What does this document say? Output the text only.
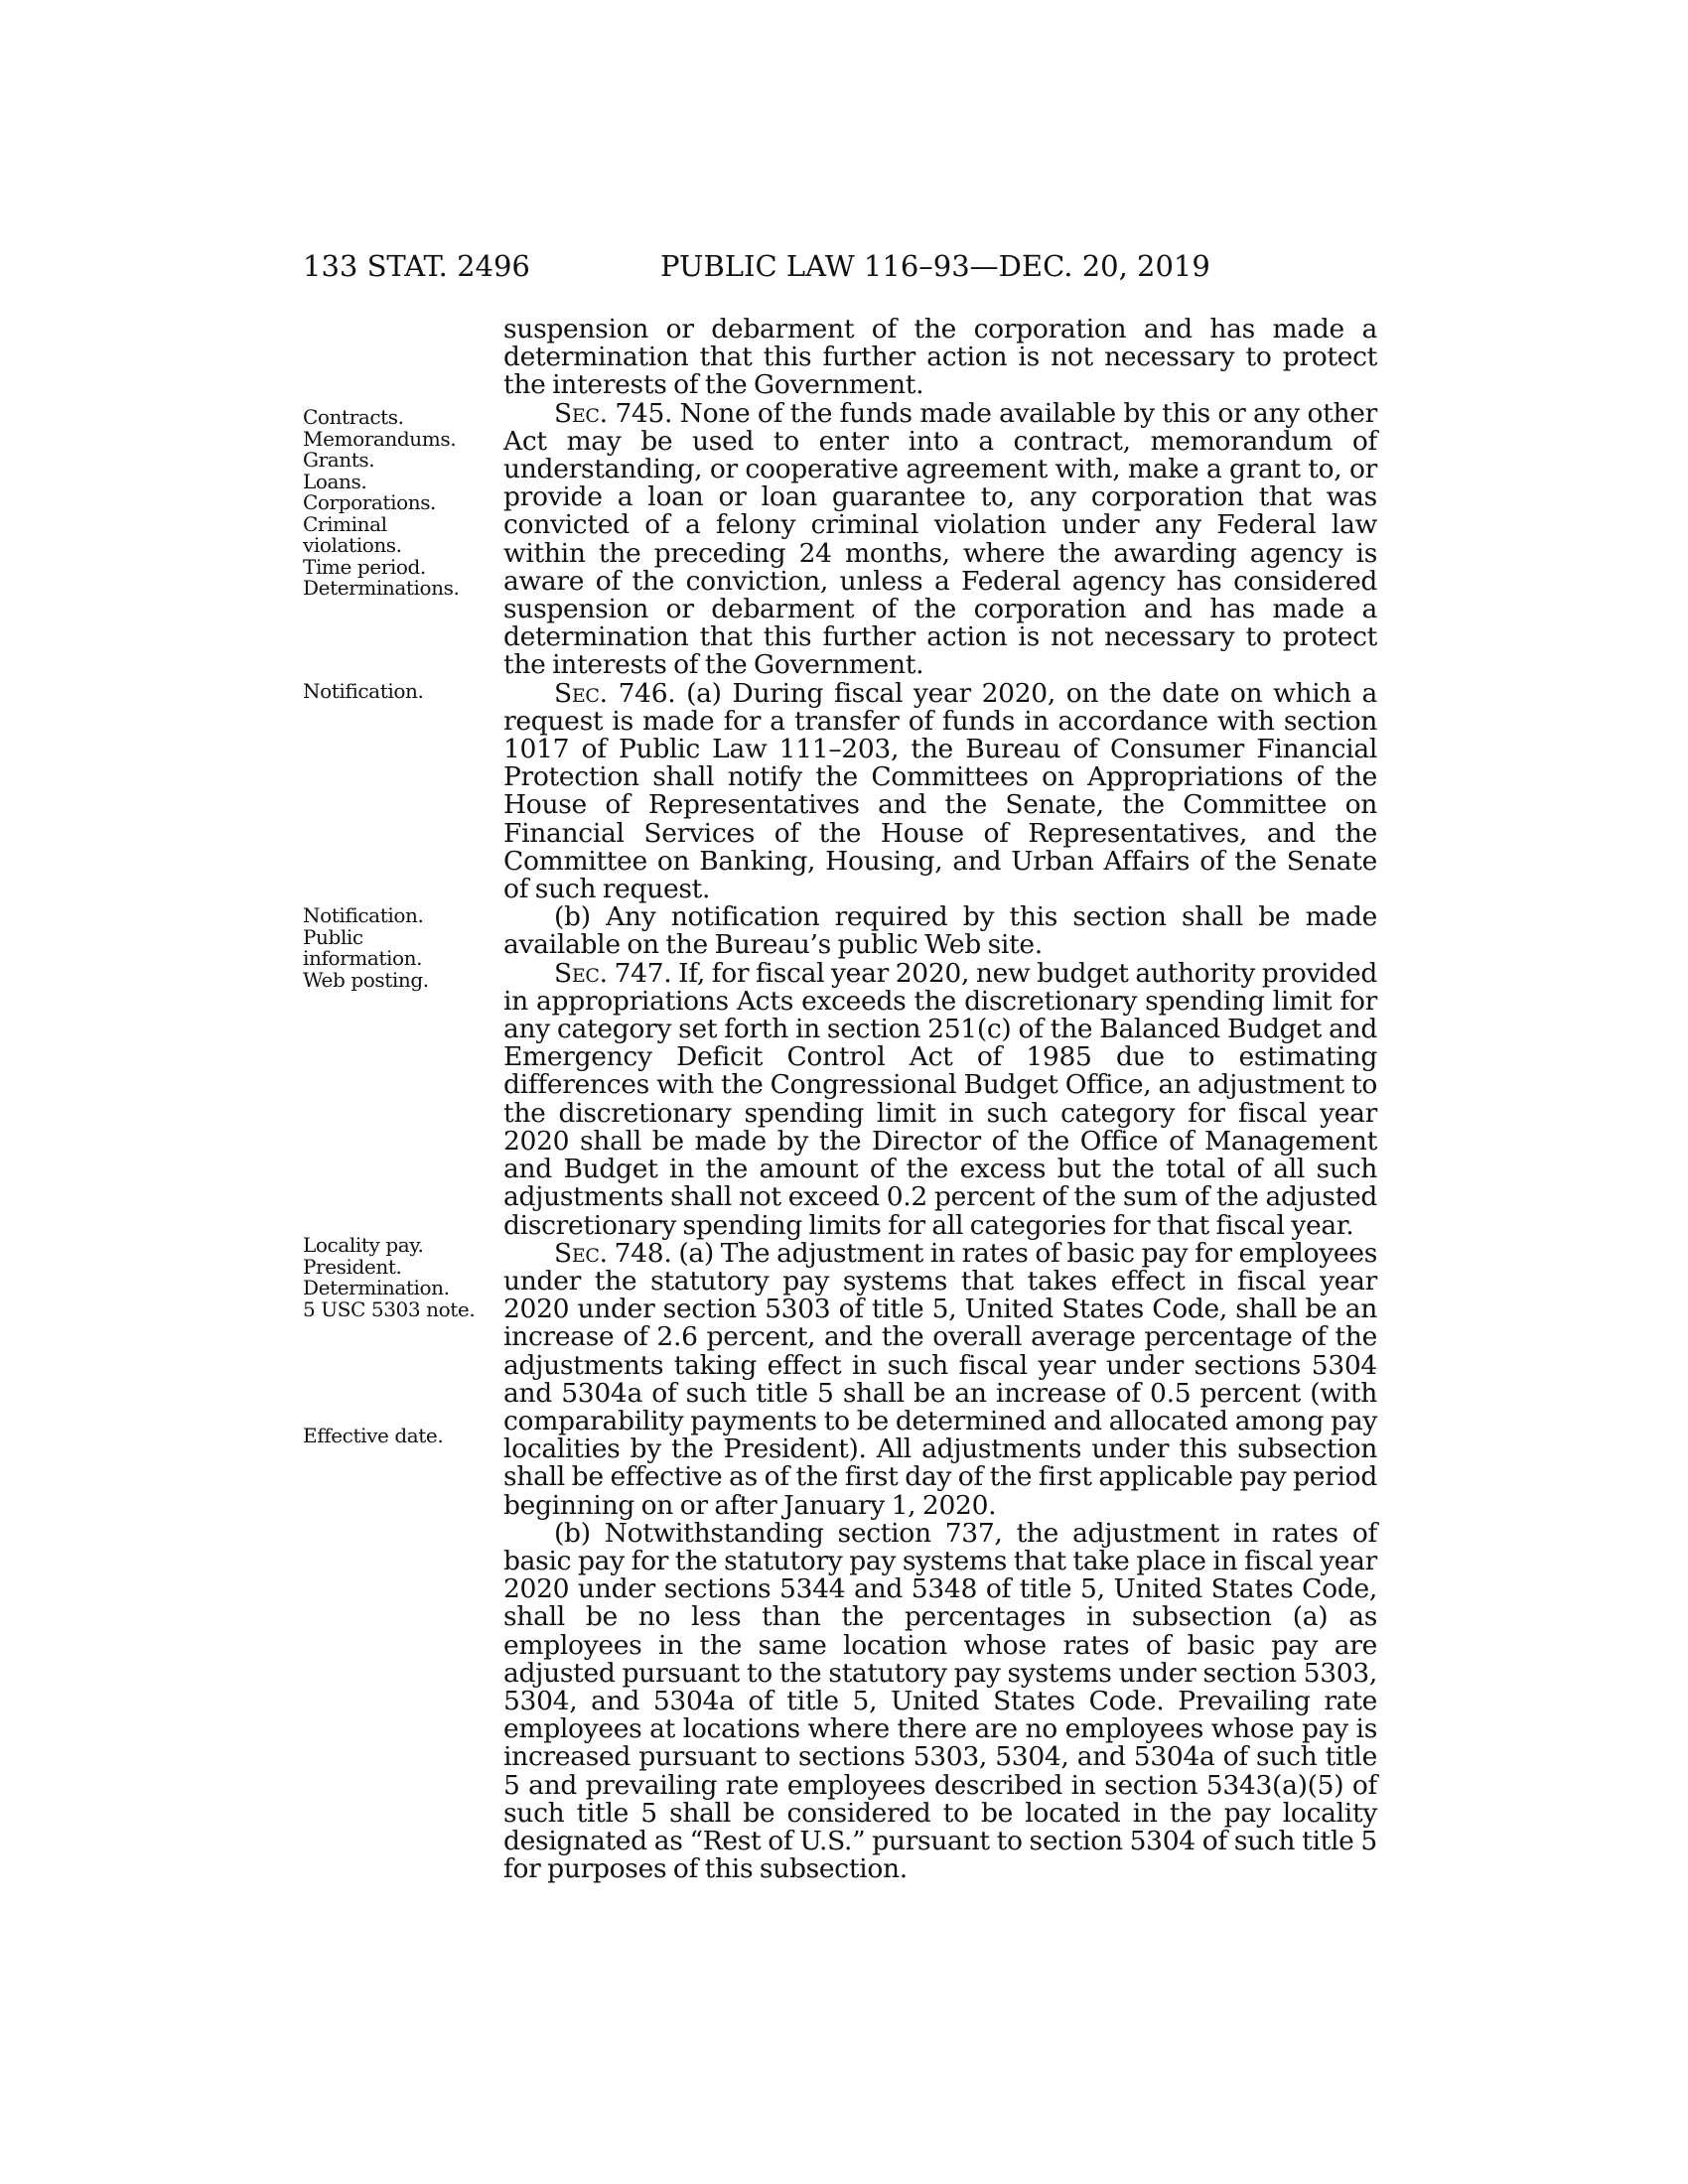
133 STAT. 2496	PUBLIC LAW 116–93—DEC. 20, 2019
Contracts.
Memorandums.
Grants.
Loans.
Corporations.
Criminal
violations.
Time period.
Determinations.
Notification.
Notification.
Public
information.
Web posting.
Locality pay.
President.
Determination.
5 USC 5303 note.
Effective date.

suspension or debarment of the corporation and has made a determination that this further action is not necessary to protect the interests of the Government.

Sec. 745. None of the funds made available by this or any other Act may be used to enter into a contract, memorandum of understanding, or cooperative agreement with, make a grant to, or provide a loan or loan guarantee to, any corporation that was convicted of a felony criminal violation under any Federal law within the preceding 24 months, where the awarding agency is aware of the conviction, unless a Federal agency has considered suspension or debarment of the corporation and has made a determination that this further action is not necessary to protect the interests of the Government.

Sec. 746. (a) During fiscal year 2020, on the date on which a request is made for a transfer of funds in accordance with section 1017 of Public Law 111–203, the Bureau of Consumer Financial Protection shall notify the Committees on Appropriations of the House of Representatives and the Senate, the Committee on Financial Services of the House of Representatives, and the Committee on Banking, Housing, and Urban Affairs of the Senate of such request.

(b) Any notification required by this section shall be made available on the Bureau’s public Web site.

Sec. 747. If, for fiscal year 2020, new budget authority provided in appropriations Acts exceeds the discretionary spending limit for any category set forth in section 251(c) of the Balanced Budget and Emergency Deficit Control Act of 1985 due to estimating differences with the Congressional Budget Office, an adjustment to the discretionary spending limit in such category for fiscal year 2020 shall be made by the Director of the Office of Management and Budget in the amount of the excess but the total of all such adjustments shall not exceed 0.2 percent of the sum of the adjusted discretionary spending limits for all categories for that fiscal year.

Sec. 748. (a) The adjustment in rates of basic pay for employees under the statutory pay systems that takes effect in fiscal year 2020 under section 5303 of title 5, United States Code, shall be an increase of 2.6 percent, and the overall average percentage of the adjustments taking effect in such fiscal year under sections 5304 and 5304a of such title 5 shall be an increase of 0.5 percent (with comparability payments to be determined and allocated among pay localities by the President). All adjustments under this subsection shall be effective as of the first day of the first applicable pay period beginning on or after January 1, 2020.

(b) Notwithstanding section 737, the adjustment in rates of basic pay for the statutory pay systems that take place in fiscal year 2020 under sections 5344 and 5348 of title 5, United States Code, shall be no less than the percentages in subsection (a) as employees in the same location whose rates of basic pay are adjusted pursuant to the statutory pay systems under section 5303, 5304, and 5304a of title 5, United States Code. Prevailing rate employees at locations where there are no employees whose pay is increased pursuant to sections 5303, 5304, and 5304a of such title 5 and prevailing rate employees described in section 5343(a)(5) of such title 5 shall be considered to be located in the pay locality designated as “Rest of U.S.” pursuant to section 5304 of such title 5 for purposes of this subsection.
